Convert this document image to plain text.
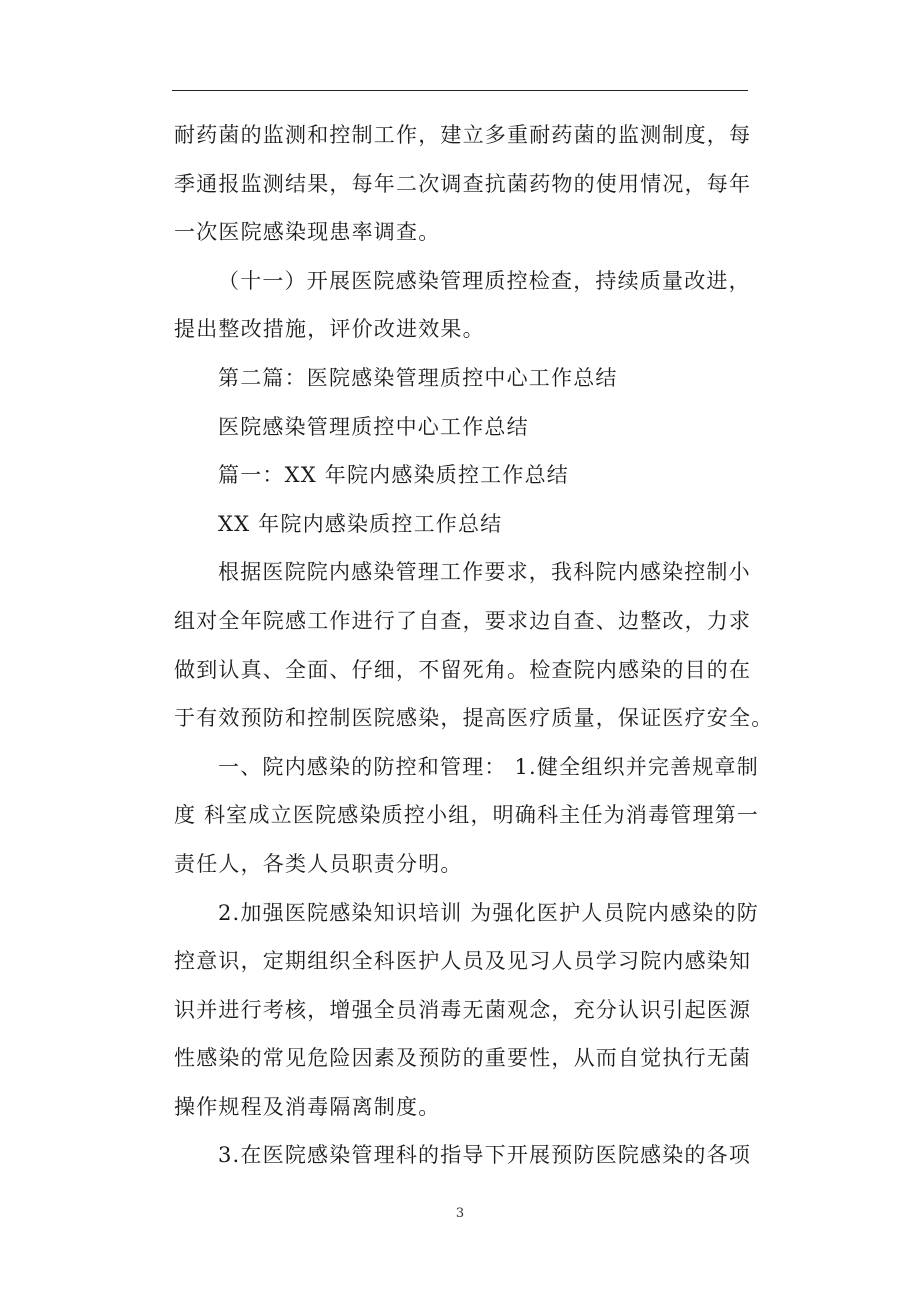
耐药菌的监测和控制工作，建立多重耐药菌的监测制度，每
季通报监测结果，每年二次调查抗菌药物的使用情况，每年
一次医院感染现患率调查。
（十一）开展医院感染管理质控检查，持续质量改进，
提出整改措施，评价改进效果。
第二篇：医院感染管理质控中心工作总结
医院感染管理质控中心工作总结
篇一：XX 年院内感染质控工作总结
XX 年院内感染质控工作总结
根据医院院内感染管理工作要求，我科院内感染控制小
组对全年院感工作进行了自查，要求边自查、边整改，力求
做到认真、全面、仔细，不留死角。检查院内感染的目的在
于有效预防和控制医院感染，提高医疗质量，保证医疗安全。
一、院内感染的防控和管理： 1.健全组织并完善规章制
度 科室成立医院感染质控小组，明确科主任为消毒管理第一
责任人，各类人员职责分明。
2.加强医院感染知识培训 为强化医护人员院内感染的防
控意识，定期组织全科医护人员及见习人员学习院内感染知
识并进行考核，增强全员消毒无菌观念，充分认识引起医源
性感染的常见危险因素及预防的重要性，从而自觉执行无菌
操作规程及消毒隔离制度。
3.在医院感染管理科的指导下开展预防医院感染的各项
3
